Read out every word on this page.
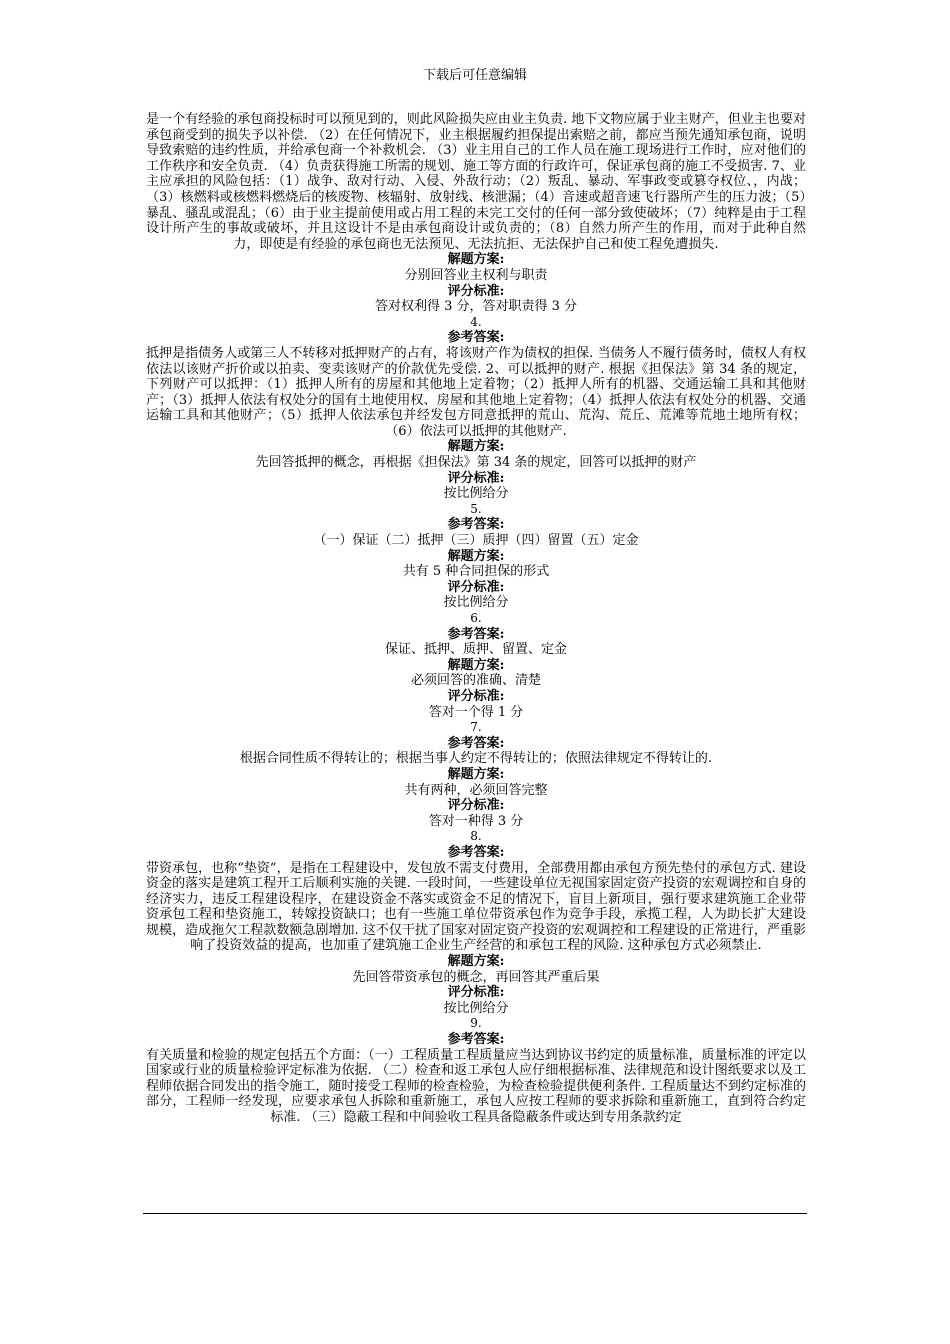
下载后可任意编辑

是一个有经验的承包商投标时可以预见到的，则此风险损失应由业主负责. 地下文物应属于业主财产，但业主也要对承包商受到的损失予以补偿. （2）在任何情况下，业主根据履约担保提出索赔之前，都应当预先通知承包商，说明导致索赔的违约性质，并给承包商一个补救机会. （3）业主用自己的工作人员在施工现场进行工作时，应对他们的工作秩序和安全负责. （4）负责获得施工所需的规划、施工等方面的行政许可，保证承包商的施工不受损害. 7、业主应承担的风险包括：（1）战争、敌对行动、入侵、外敌行动；（2）叛乱、暴动、军事政变或篡夺权位、，内战；（3）核燃料或核燃料燃烧后的核废物、核辐射、放射线、核泄漏；（4）音速或超音速飞行器所产生的压力波；（5）暴乱、骚乱或混乱；（6）由于业主提前使用或占用工程的未完工交付的任何一部分致使破坏；（7）纯粹是由于工程设计所产生的事故或破坏，并且这设计不是由承包商设计或负责的；（8）自然力所产生的作用，而对于此种自然力，即使是有经验的承包商也无法预见、无法抗拒、无法保护自己和使工程免遭损失.

解题方案:

分别回答业主权利与职责

评分标准:

答对权利得 3 分，答对职责得 3 分

4.

参考答案:

抵押是指债务人或第三人不转移对抵押财产的占有，将该财产作为债权的担保. 当债务人不履行债务时，债权人有权依法以该财产折价或以拍卖、变卖该财产的价款优先受偿. 2、可以抵押的财产. 根据《担保法》第 34 条的规定，下列财产可以抵押：（1）抵押人所有的房屋和其他地上定着物；（2）抵押人所有的机器、交通运输工具和其他财产；（3）抵押人依法有权处分的国有土地使用权、房屋和其他地上定着物；（4）抵押人依法有权处分的机器、交通运输工具和其他财产；（5）抵押人依法承包并经发包方同意抵押的荒山、荒沟、荒丘、荒滩等荒地土地所有权；（6）依法可以抵押的其他财产.

解题方案:

先回答抵押的概念，再根据《担保法》第 34 条的规定，回答可以抵押的财产

评分标准:

按比例给分

5.

参考答案:

（一）保证（二）抵押（三）质押（四）留置（五）定金

解题方案:

共有 5 种合同担保的形式

评分标准:

按比例给分

6.

参考答案:

保证、抵押、质押、留置、定金

解题方案:

必须回答的准确、清楚

评分标准:

答对一个得 1 分

7.

参考答案:

根据合同性质不得转让的；根据当事人约定不得转让的；依照法律规定不得转让的.

解题方案:

共有两种，必须回答完整

评分标准:

答对一种得 3 分

8.

参考答案:

带资承包，也称“垫资”，是指在工程建设中，发包放不需支付费用，全部费用都由承包方预先垫付的承包方式. 建设资金的落实是建筑工程开工后顺利实施的关键. 一段时间，一些建设单位无视国家固定资产投资的宏观调控和自身的经济实力，违反工程建设程序，在建设资金不落实或资金不足的情况下，盲目上新项目，强行要求建筑施工企业带资承包工程和垫资施工，转嫁投资缺口；也有一些施工单位带资承包作为竞争手段，承揽工程，人为助长扩大建设规模，造成拖欠工程款数额急剧增加. 这不仅干扰了国家对固定资产投资的宏观调控和工程建设的正常进行，严重影响了投资效益的提高，也加重了建筑施工企业生产经营的和承包工程的风险. 这种承包方式必须禁止.

解题方案:

先回答带资承包的概念，再回答其严重后果

评分标准:

按比例给分

9.

参考答案:

有关质量和检验的规定包括五个方面：（一）工程质量工程质量应当达到协议书约定的质量标准，质量标准的评定以国家或行业的质量检验评定标准为依据. （二）检查和返工承包人应仔细根据标准、法律规范和设计图纸要求以及工程师依据合同发出的指令施工，随时接受工程师的检查检验，为检查检验提供便利条件. 工程质量达不到约定标准的部分，工程师一经发现，应要求承包人拆除和重新施工，承包人应按工程师的要求拆除和重新施工，直到符合约定标准. （三）隐蔽工程和中间验收工程具备隐蔽条件或达到专用条款约定
